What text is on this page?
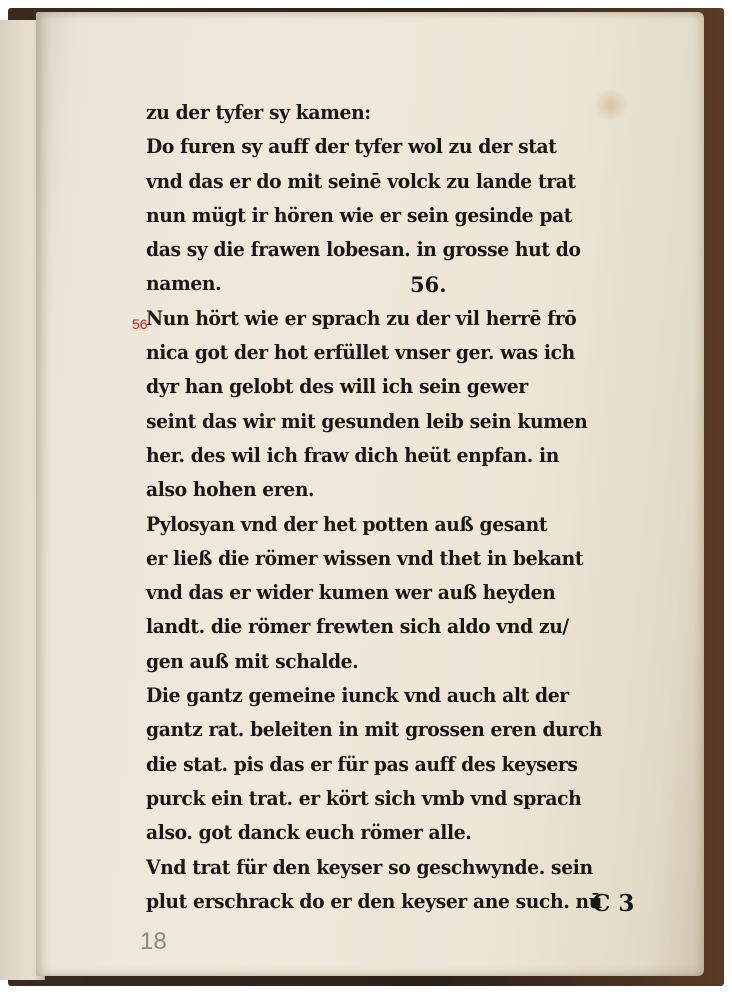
56
56.
zu der tyfer sy kamen:
Do furen sy auff der tyfer wol zu der stat
vnd das er do mit seinē volck zu lande trat
nun mügt ir hören wie er sein gesinde pat
das sy die frawen lobesan. in grosse hut do
namen.
Nun hört wie er sprach zu der vil herrē frō
nica got der hot erfüllet vnser ger. was ich
dyr han gelobt des will ich sein gewer
seint das wir mit gesunden leib sein kumen
her. des wil ich fraw dich heüt enpfan. in
also hohen eren.
Pylosyan vnd der het potten auß gesant
er ließ die römer wissen vnd thet in bekant
vnd das er wider kumen wer auß heyden
landt. die römer frewten sich aldo vnd zu/
gen auß mit schalde.
Die gantz gemeine iunck vnd auch alt der
gantz rat. beleiten in mit grossen eren durch
die stat. pis das er für pas auff des keysers
purck ein trat. er kört sich vmb vnd sprach
also. got danck euch römer alle.
Vnd trat für den keyser so geschwynde. sein
plut erschrack do er den keyser ane such. nū
C 3
18
